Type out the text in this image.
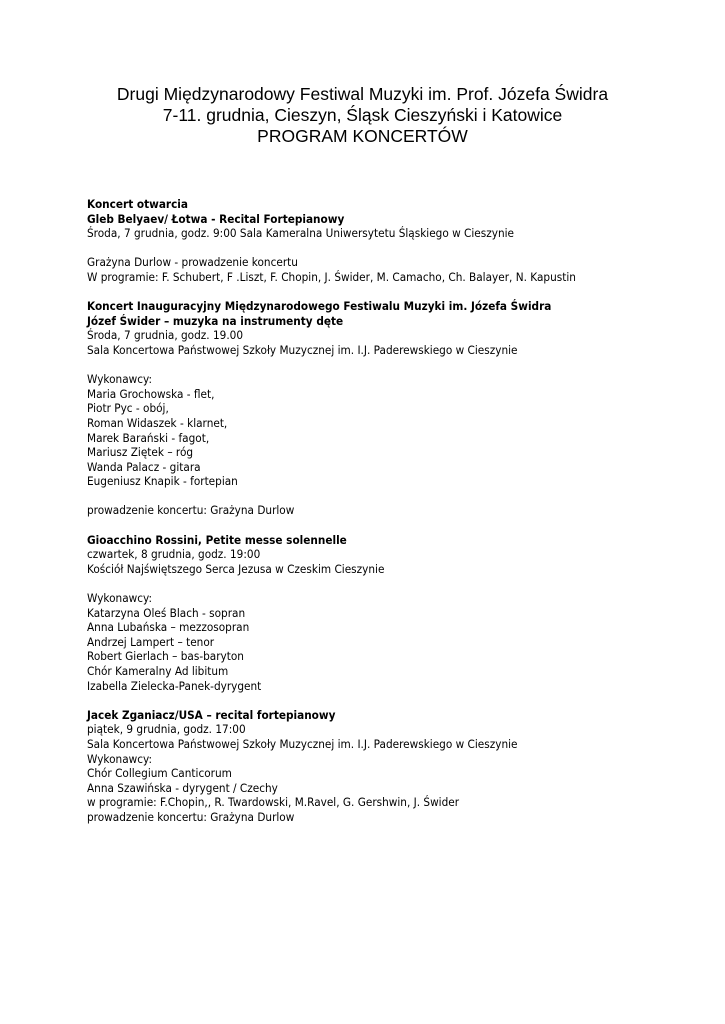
Drugi Międzynarodowy Festiwal Muzyki im. Prof. Józefa Świdra
7-11. grudnia, Cieszyn, Śląsk Cieszyński i Katowice
PROGRAM KONCERTÓW
Koncert otwarcia
Gleb Belyaev/ Łotwa - Recital Fortepianowy
Środa, 7 grudnia, godz. 9:00 Sala Kameralna Uniwersytetu Śląskiego w Cieszynie
Grażyna Durlow - prowadzenie koncertu
W programie: F. Schubert, F .Liszt, F. Chopin, J. Świder, M. Camacho, Ch. Balayer, N. Kapustin
Koncert Inauguracyjny Międzynarodowego Festiwalu Muzyki im. Józefa Świdra
Józef Świder – muzyka na instrumenty dęte
Środa, 7 grudnia, godz. 19.00
Sala Koncertowa Państwowej Szkoły Muzycznej im. I.J. Paderewskiego w Cieszynie
Wykonawcy:
Maria Grochowska - flet,
Piotr Pyc - obój,
Roman Widaszek - klarnet,
Marek Barański - fagot,
Mariusz Ziętek – róg
Wanda Palacz - gitara
Eugeniusz Knapik - fortepian
prowadzenie koncertu: Grażyna Durlow
Gioacchino Rossini, Petite messe solennelle
czwartek, 8 grudnia, godz. 19:00
Kościół Najświętszego Serca Jezusa w Czeskim Cieszynie
Wykonawcy:
Katarzyna Oleś Blach - sopran
Anna Lubańska – mezzosopran
Andrzej Lampert – tenor
Robert Gierlach – bas-baryton
Chór Kameralny Ad libitum
Izabella Zielecka-Panek-dyrygent
Jacek Zganiacz/USA – recital fortepianowy
piątek, 9 grudnia, godz. 17:00
Sala Koncertowa Państwowej Szkoły Muzycznej im. I.J. Paderewskiego w Cieszynie
Wykonawcy:
Chór Collegium Canticorum
Anna Szawińska - dyrygent / Czechy
w programie: F.Chopin,, R. Twardowski, M.Ravel, G. Gershwin, J. Świder
prowadzenie koncertu: Grażyna Durlow
